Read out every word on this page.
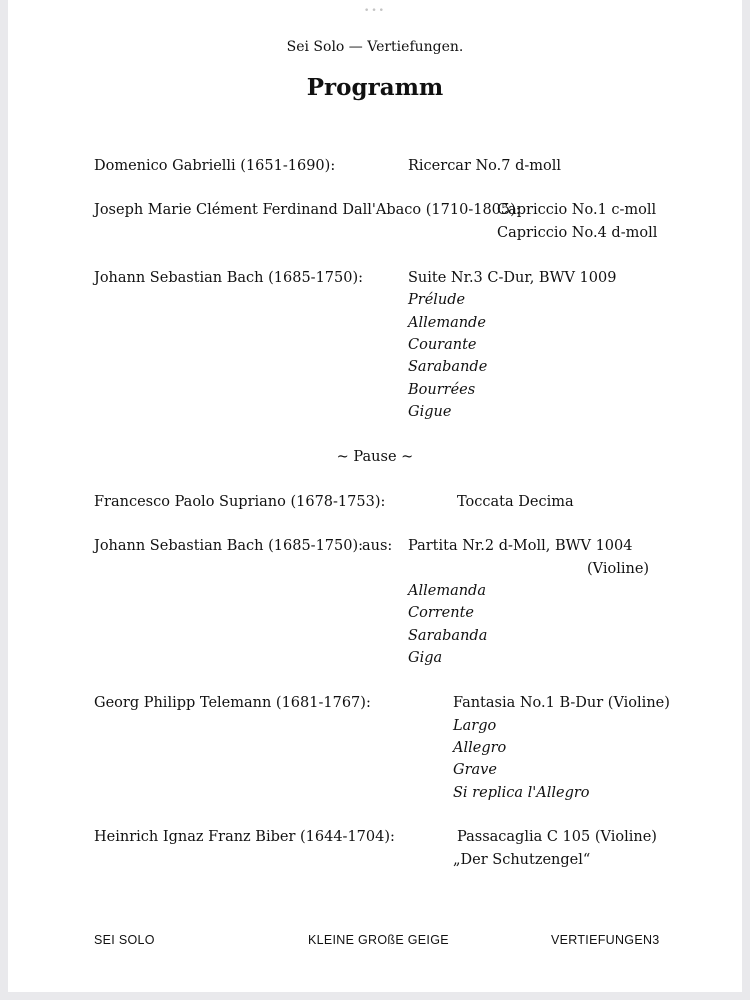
•••
Sei Solo — Vertiefungen.
Programm
Domenico Gabrielli (1651-1690):	Ricercar No.7 d-moll
Joseph Marie Clément Ferdinand Dall'Abaco (1710-1805):
Capriccio No.1 c-moll
Capriccio No.4 d-moll
Johann Sebastian Bach (1685-1750):	Suite Nr.3 C-Dur, BWV 1009
Prélude
Allemande
Courante
Sarabande
Bourrées
Gigue
~ Pause ~
Francesco Paolo Supriano (1678-1753):	Toccata Decima
Johann Sebastian Bach (1685-1750):
aus: Partita Nr.2 d-Moll, BWV 1004
(Violine)
Allemanda
Corrente
Sarabanda
Giga
Georg Philipp Telemann (1681-1767):	Fantasia No.1 B-Dur (Violine)
Largo
Allegro
Grave
Si replica l'Allegro
Heinrich Ignaz Franz Biber (1644-1704):	Passacaglia C 105 (Violine)
„Der Schutzengel“
SEI SOLO	KLEINE GROßE GEIGE	VERTIEFUNGEN3
